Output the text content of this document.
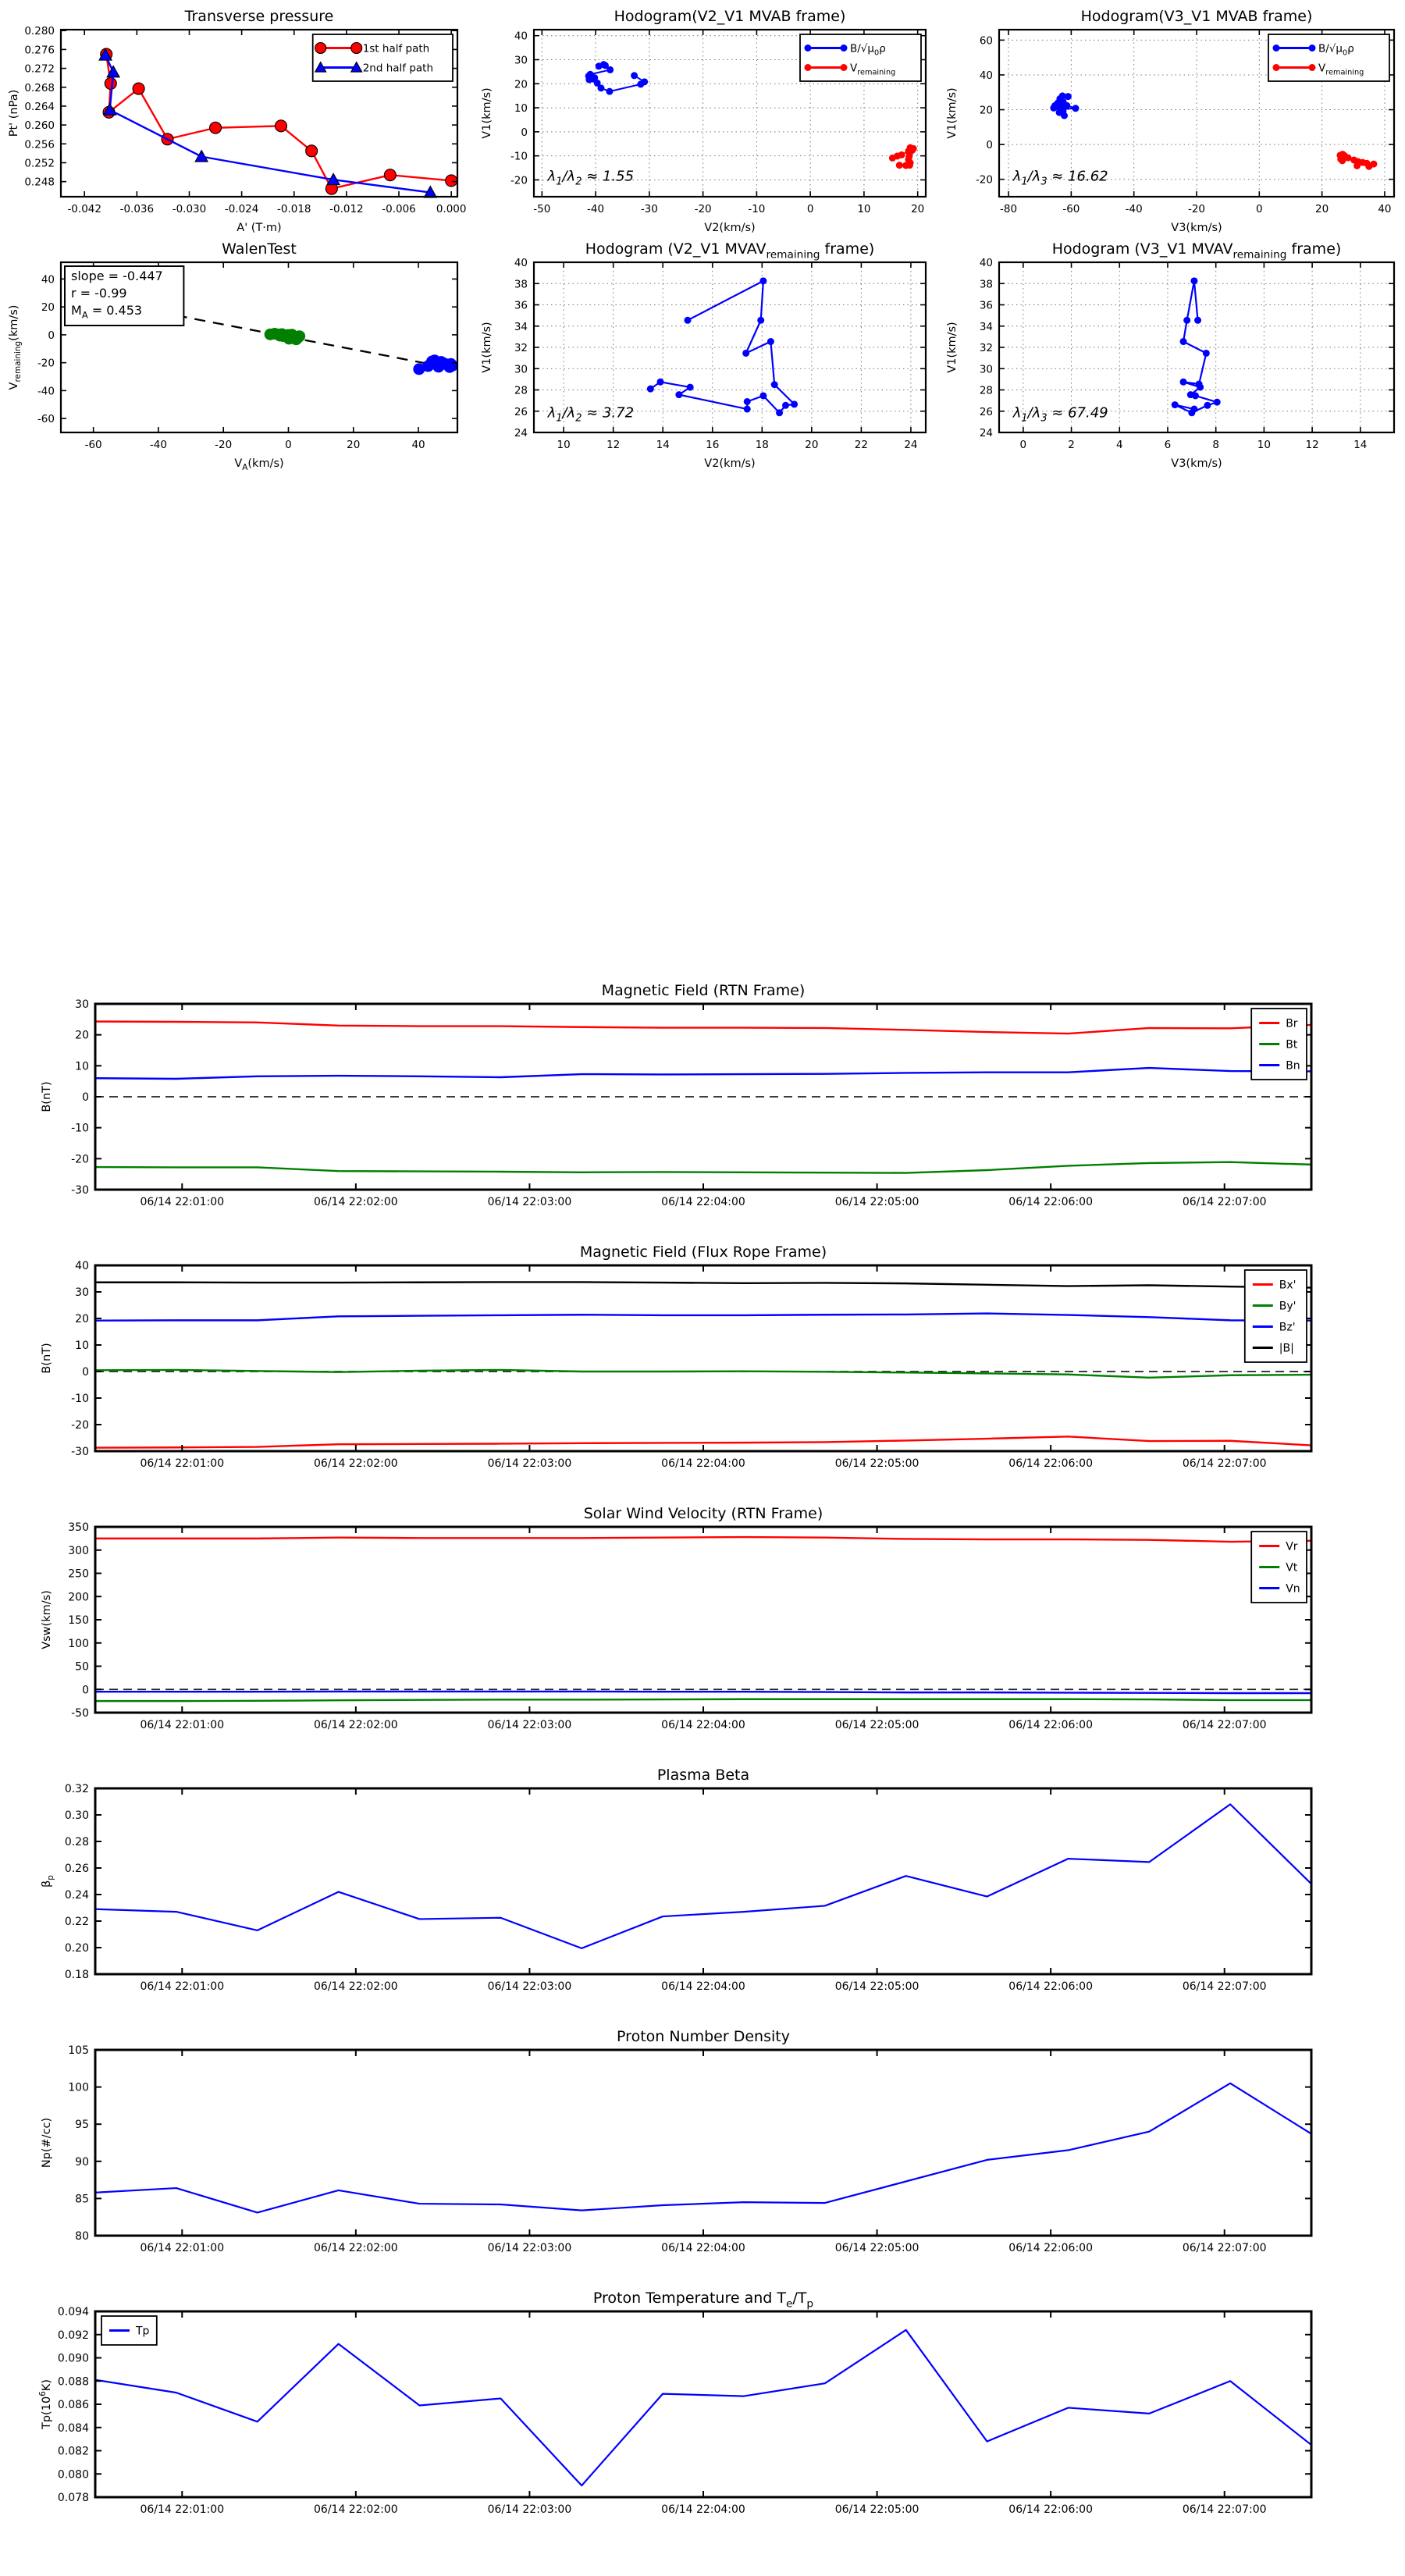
-0.042 -0.036 -0.030 -0.024 -0.018 -0.012 -0.006 0.000
0.248
0.252
0.256
0.260
0.264
0.268
0.272
0.276
0.280
A' (T·m)
Pt' (nPa)
Transverse pressure
1st half path
2nd half path
-50	-40	-30	-20	-10	0	10	20
-20
-10
0
10
20
30
40
V2(km/s)
V1(km/s)
Hodogram(V2_V1 MVAB frame)
$B/√\mu_0\rho$
$V_{remaining}$
$\lambda_1/\lambda_2 \approx 1.55$
-80	-60	-40	-20	0	20	40
-20
0
20
40
60
V3(km/s)
V1(km/s)
Hodogram(V3_V1 MVAB frame)
$B/√\mu_0\rho$
$V_{remaining}$
$\lambda_1/\lambda_3 \approx 16.62$
-60	-40	-20	0	20	40
-60
-40
-20
0
20
40
$V_A(km/s)$
$V_{remaining}(km/s)$
WalenTest
slope = -0.447
r = -0.99
$M_A = 0.453$
10	12	14	16	18	20	22	24
24
26
28
30
32
34
36
38
40
V2(km/s)
V1(km/s)
Hodogram (V2_V1 $MVAV_{remaining}$ frame)
$\lambda_1/\lambda_2 \approx 3.72$
0	2	4	6	8	10	12	14
24
26
28
30
32
34
36
38
40
V3(km/s)
V1(km/s)
Hodogram (V3_V1 $MVAV_{remaining}$ frame)
$\lambda_1/\lambda_3 \approx 67.49$
06/14 22:01:00	06/14 22:02:00	06/14 22:03:00	06/14 22:04:00	06/14 22:05:00	06/14 22:06:00	06/14 22:07:00
-30
-20
-10
0
10
20
30
B(nT)
Magnetic Field (RTN Frame)
Br
Bt
Bn
06/14 22:01:00	06/14 22:02:00	06/14 22:03:00	06/14 22:04:00	06/14 22:05:00	06/14 22:06:00	06/14 22:07:00
-30
-20
-10
0
10
20
30
40
B(nT)
Magnetic Field (Flux Rope Frame)
Bx'
By'
Bz'
|B|
06/14 22:01:00	06/14 22:02:00	06/14 22:03:00	06/14 22:04:00	06/14 22:05:00	06/14 22:06:00	06/14 22:07:00
-50
0
50
100
150
200
250
300
350
Vsw(km/s)
Solar Wind Velocity (RTN Frame)
Vr
Vt
Vn
06/14 22:01:00	06/14 22:02:00	06/14 22:03:00	06/14 22:04:00	06/14 22:05:00	06/14 22:06:00	06/14 22:07:00
0.18
0.20
0.22
0.24
0.26
0.28
0.30
0.32
$\beta_p$
Plasma Beta
06/14 22:01:00	06/14 22:02:00	06/14 22:03:00	06/14 22:04:00	06/14 22:05:00	06/14 22:06:00	06/14 22:07:00
80
85
90
95
100
105
Np(#/cc)
Proton Number Density
06/14 22:01:00	06/14 22:02:00	06/14 22:03:00	06/14 22:04:00	06/14 22:05:00	06/14 22:06:00	06/14 22:07:00
0.078
0.080
0.082
0.084
0.086
0.088
0.090
0.092
0.094
$Tp(10^6K)$
Proton Temperature and $T_e/T_p$
Tp
